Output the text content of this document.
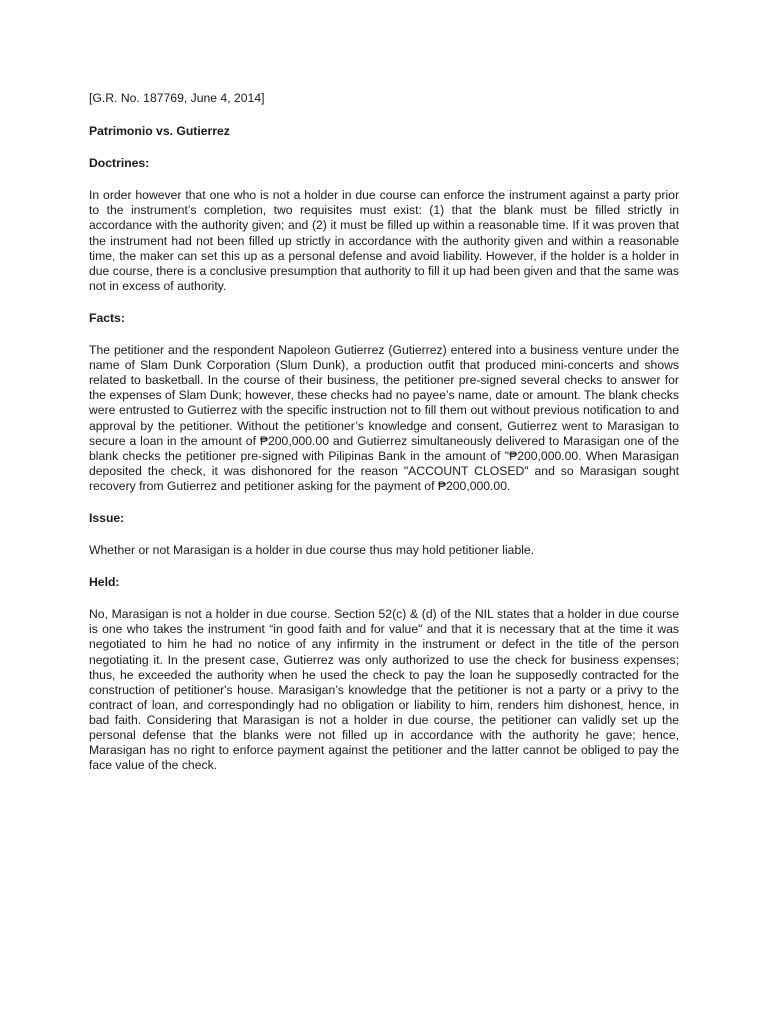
[G.R. No. 187769, June 4, 2014]

Patrimonio vs. Gutierrez

Doctrines:

In order however that one who is not a holder in due course can enforce the instrument against a party prior to the instrument’s completion, two requisites must exist: (1) that the blank must be filled strictly in accordance with the authority given; and (2) it must be filled up within a reasonable time. If it was proven that the instrument had not been filled up strictly in accordance with the authority given and within a reasonable time, the maker can set this up as a personal defense and avoid liability. However, if the holder is a holder in due course, there is a conclusive presumption that authority to fill it up had been given and that the same was not in excess of authority.

Facts:

The petitioner and the respondent Napoleon Gutierrez (Gutierrez) entered into a business venture under the name of Slam Dunk Corporation (Slum Dunk), a production outfit that produced mini-concerts and shows related to basketball. In the course of their business, the petitioner pre-signed several checks to answer for the expenses of Slam Dunk; however, these checks had no payee’s name, date or amount. The blank checks were entrusted to Gutierrez with the specific instruction not to fill them out without previous notification to and approval by the petitioner. Without the petitioner’s knowledge and consent, Gutierrez went to Marasigan to secure a loan in the amount of ₱200,000.00 and Gutierrez simultaneously delivered to Marasigan one of the blank checks the petitioner pre-signed with Pilipinas Bank in the amount of "₱200,000.00. When Marasigan deposited the check, it was dishonored for the reason "ACCOUNT CLOSED" and so Marasigan sought recovery from Gutierrez and petitioner asking for the payment of ₱200,000.00.

Issue:

Whether or not Marasigan is a holder in due course thus may hold petitioner liable.

Held:

No, Marasigan is not a holder in due course. Section 52(c) & (d) of the NIL states that a holder in due course is one who takes the instrument “in good faith and for value" and that it is necessary that at the time it was negotiated to him he had no notice of any infirmity in the instrument or defect in the title of the person negotiating it. In the present case, Gutierrez was only authorized to use the check for business expenses; thus, he exceeded the authority when he used the check to pay the loan he supposedly contracted for the construction of petitioner's house. Marasigan’s knowledge that the petitioner is not a party or a privy to the contract of loan, and correspondingly had no obligation or liability to him, renders him dishonest, hence, in bad faith. Considering that Marasigan is not a holder in due course, the petitioner can validly set up the personal defense that the blanks were not filled up in accordance with the authority he gave; hence, Marasigan has no right to enforce payment against the petitioner and the latter cannot be obliged to pay the face value of the check.
